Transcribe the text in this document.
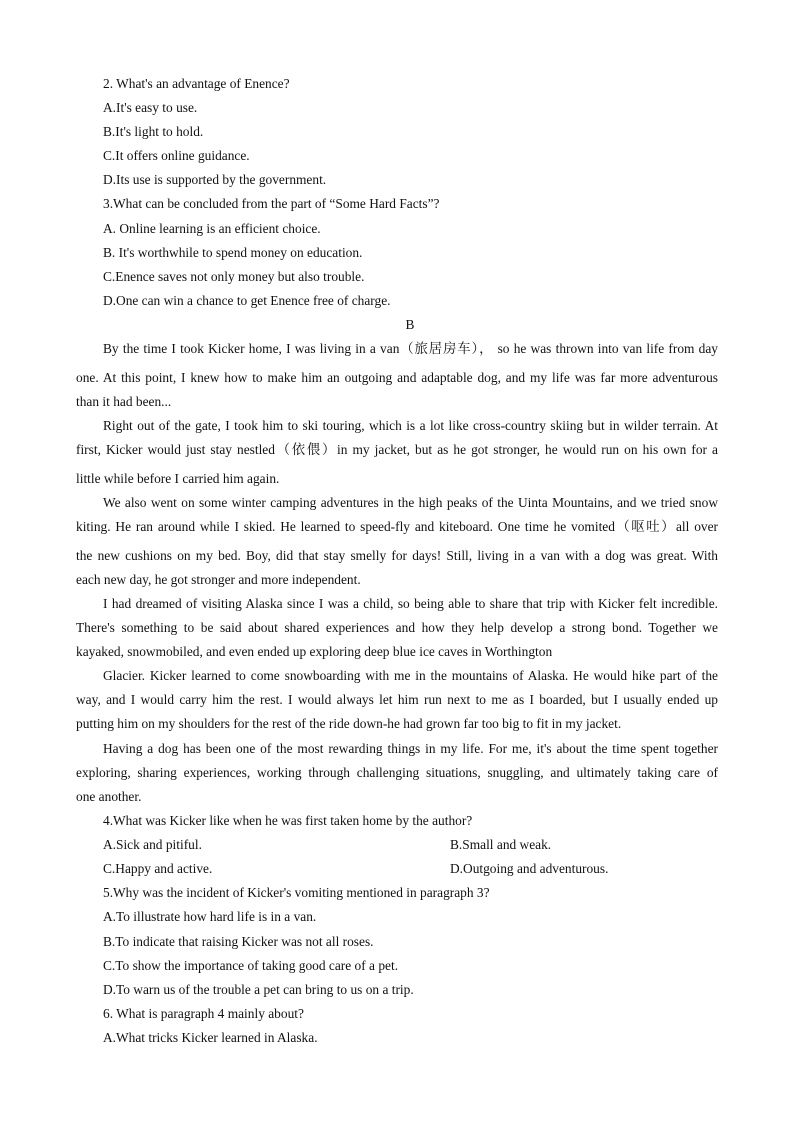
2. What's an advantage of Enence?
A.It's easy to use.
B.It's light to hold.
C.It offers online guidance.
D.Its use is supported by the government.
3.What can be concluded from the part of “Some Hard Facts”?
A. Online learning is an efficient choice.
B. It's worthwhile to spend money on education.
C.Enence saves not only money but also trouble.
D.One can win a chance to get Enence free of charge.
B
By the time I took Kicker home, I was living in a van（旅居房车）， so he was thrown into van life from day
one. At this point, I knew how to make him an outgoing and adaptable dog, and my life was far more adventurous
than it had been...
Right out of the gate, I took him to ski touring, which is a lot like cross-country skiing but in wilder terrain. At
first, Kicker would just stay nestled（依偎）in my jacket, but as he got stronger, he would run on his own for a
little while before I carried him again.
We also went on some winter camping adventures in the high peaks of the Uinta Mountains, and we tried snow
kiting. He ran around while I skied. He learned to speed-fly and kiteboard. One time he vomited（呕吐）all over
the new cushions on my bed. Boy, did that stay smelly for days! Still, living in a van with a dog was great. With
each new day, he got stronger and more independent.
I had dreamed of visiting Alaska since I was a child, so being able to share that trip with Kicker felt incredible.
There's something to be said about shared experiences and how they help develop a strong bond. Together we
kayaked, snowmobiled, and even ended up exploring deep blue ice caves in Worthington
Glacier. Kicker learned to come snowboarding with me in the mountains of Alaska. He would hike part of the
way, and I would carry him the rest. I would always let him run next to me as I boarded, but I usually ended up
putting him on my shoulders for the rest of the ride down-he had grown far too big to fit in my jacket.
Having a dog has been one of the most rewarding things in my life. For me, it's about the time spent together
exploring, sharing experiences, working through challenging situations, snuggling, and ultimately taking care of
one another.
4.What was Kicker like when he was first taken home by the author?
A.Sick and pitiful.	B.Small and weak.
C.Happy and active.	D.Outgoing and adventurous.
5.Why was the incident of Kicker's vomiting mentioned in paragraph 3?
A.To illustrate how hard life is in a van.
B.To indicate that raising Kicker was not all roses.
C.To show the importance of taking good care of a pet.
D.To warn us of the trouble a pet can bring to us on a trip.
6. What is paragraph 4 mainly about?
A.What tricks Kicker learned in Alaska.
